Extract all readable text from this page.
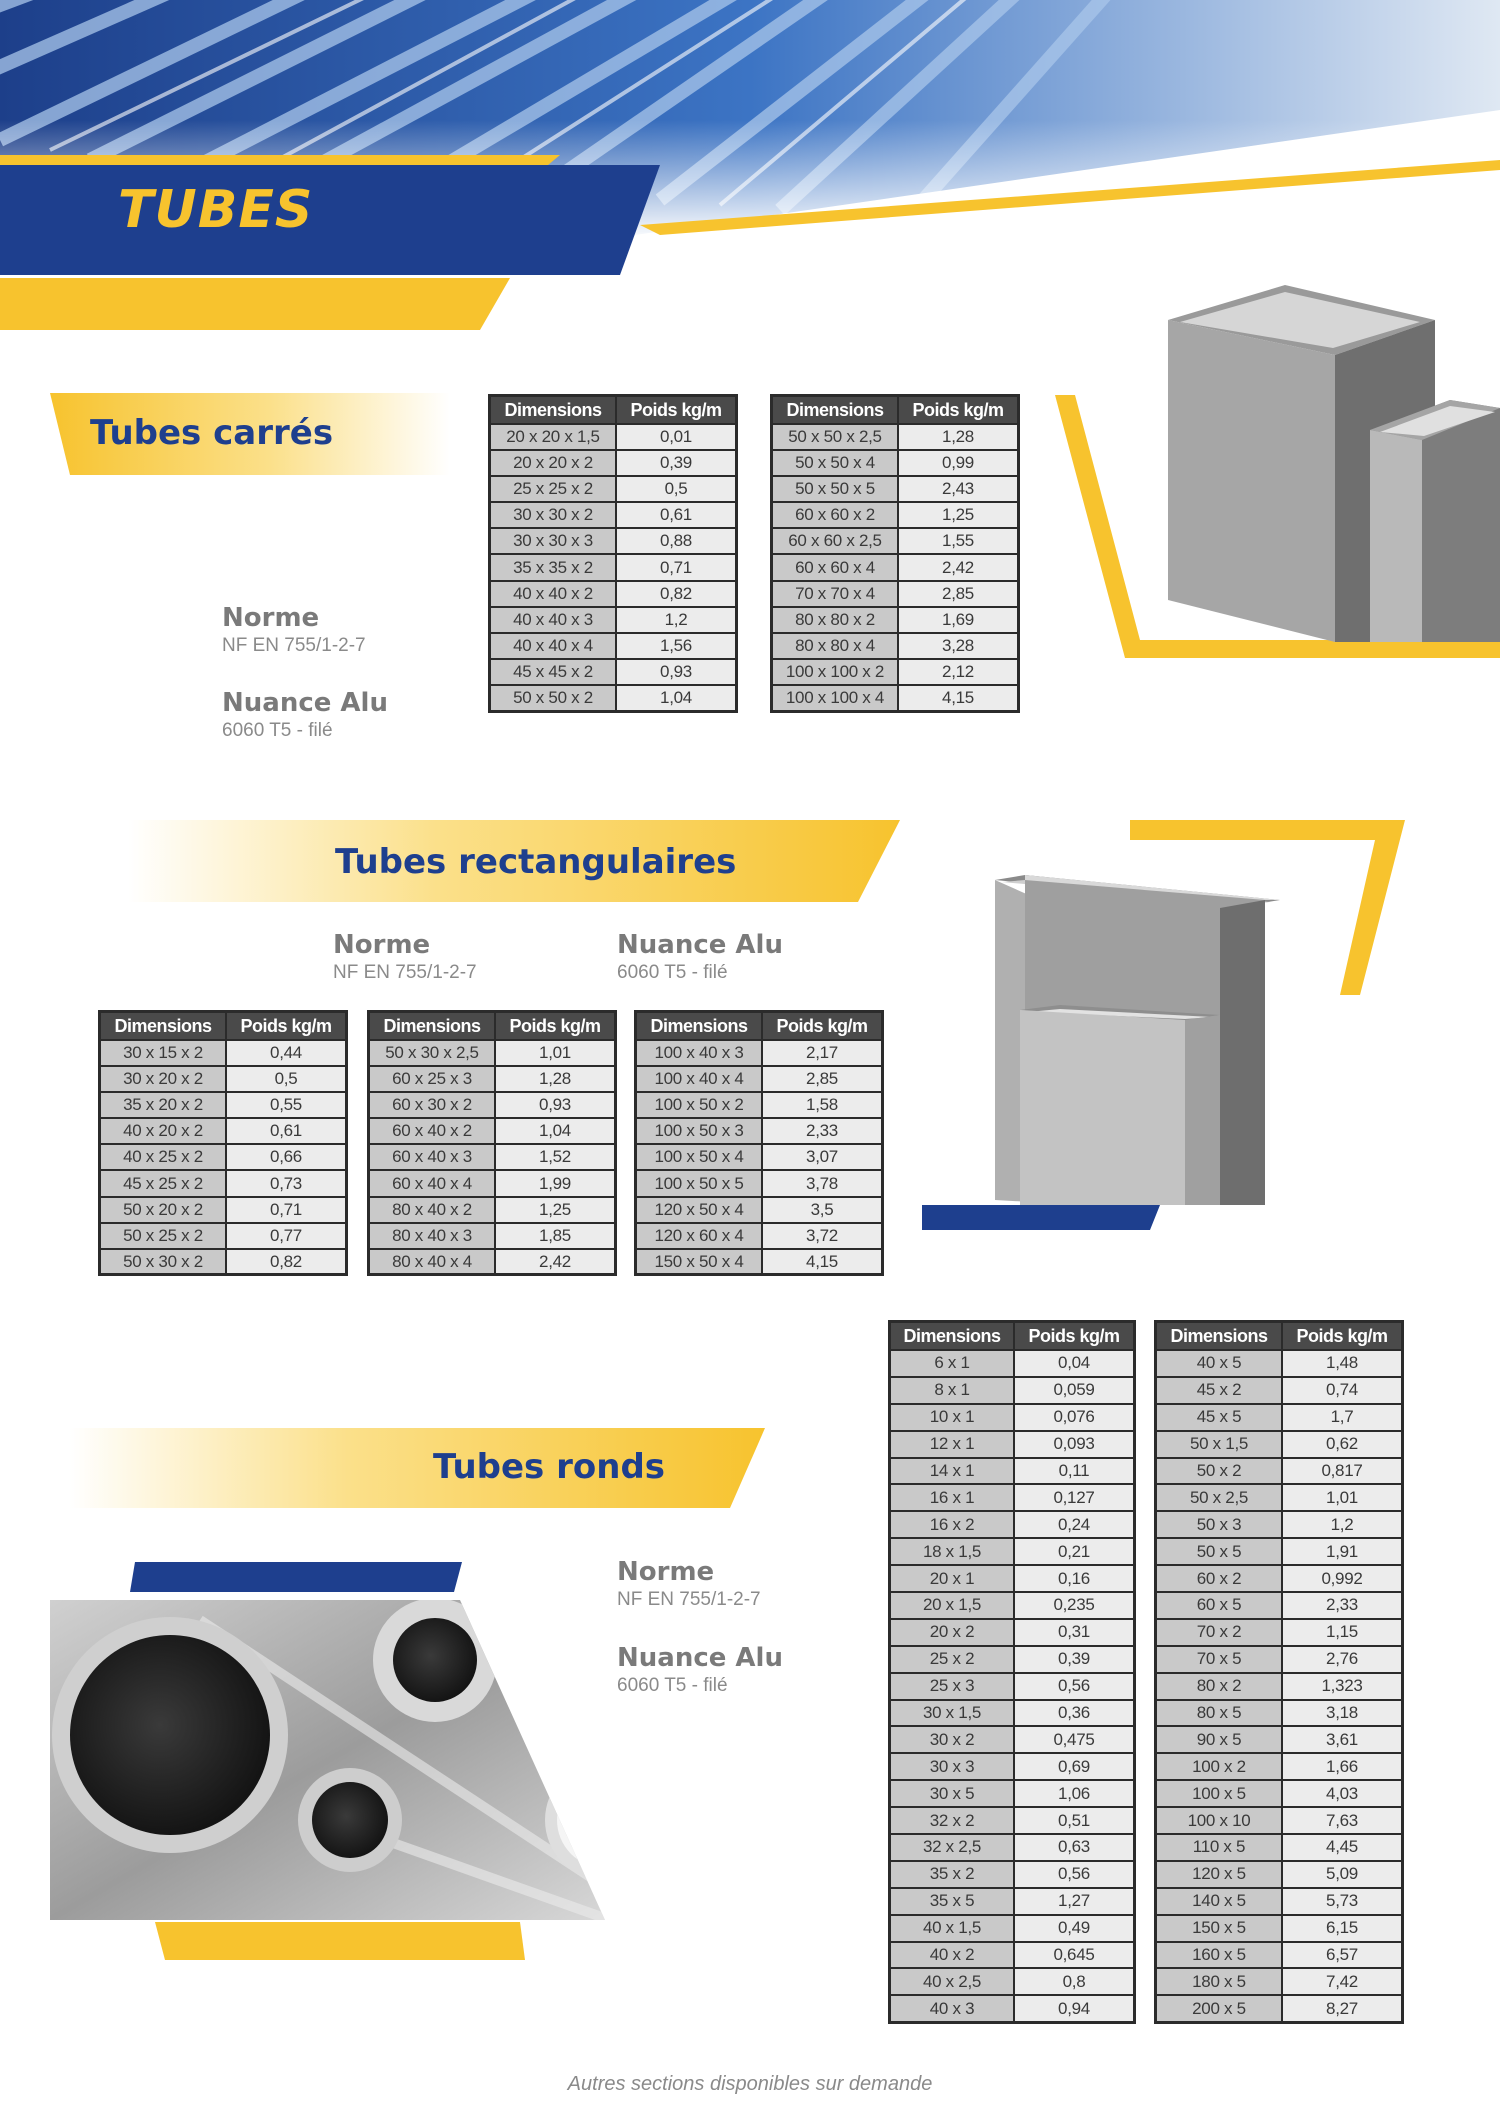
TUBES
Tubes carrés
Norme
NF EN 755/1-2-7
Nuance Alu
6060 T5 - filé
Dimensions	Poids kg/m
20 x 20 x 1,5	0,01
20 x 20 x 2	0,39
25 x 25 x 2	0,5
30 x 30 x 2	0,61
30 x 30 x 3	0,88
35 x 35 x 2	0,71
40 x 40 x 2	0,82
40 x 40 x 3	1,2
40 x 40 x 4	1,56
45 x 45 x 2	0,93
50 x 50 x 2	1,04
Dimensions	Poids kg/m
50 x 50 x 2,5	1,28
50 x 50 x 4	0,99
50 x 50 x 5	2,43
60 x 60 x 2	1,25
60 x 60 x 2,5	1,55
60 x 60 x 4	2,42
70 x 70 x 4	2,85
80 x 80 x 2	1,69
80 x 80 x 4	3,28
100 x 100 x 2	2,12
100 x 100 x 4	4,15
Tubes rectangulaires
Norme
NF EN 755/1-2-7
Nuance Alu
6060 T5 - filé
Dimensions	Poids kg/m
30 x 15 x 2	0,44
30 x 20 x 2	0,5
35 x 20 x 2	0,55
40 x 20 x 2	0,61
40 x 25 x 2	0,66
45 x 25 x 2	0,73
50 x 20 x 2	0,71
50 x 25 x 2	0,77
50 x 30 x 2	0,82
Dimensions	Poids kg/m
50 x 30 x 2,5	1,01
60 x 25 x 3	1,28
60 x 30 x 2	0,93
60 x 40 x 2	1,04
60 x 40 x 3	1,52
60 x 40 x 4	1,99
80 x 40 x 2	1,25
80 x 40 x 3	1,85
80 x 40 x 4	2,42
Dimensions	Poids kg/m
100 x 40 x 3	2,17
100 x 40 x 4	2,85
100 x 50 x 2	1,58
100 x 50 x 3	2,33
100 x 50 x 4	3,07
100 x 50 x 5	3,78
120 x 50 x 4	3,5
120 x 60 x 4	3,72
150 x 50 x 4	4,15
Tubes ronds
Norme
NF EN 755/1-2-7
Nuance Alu
6060 T5 - filé
Dimensions	Poids kg/m
6 x 1	0,04
8 x 1	0,059
10 x 1	0,076
12 x 1	0,093
14 x 1	0,11
16 x 1	0,127
16 x 2	0,24
18 x 1,5	0,21
20 x 1	0,16
20 x 1,5	0,235
20 x 2	0,31
25 x 2	0,39
25 x 3	0,56
30 x 1,5	0,36
30 x 2	0,475
30 x 3	0,69
30 x 5	1,06
32 x 2	0,51
32 x 2,5	0,63
35 x 2	0,56
35 x 5	1,27
40 x 1,5	0,49
40 x 2	0,645
40 x 2,5	0,8
40 x 3	0,94
Dimensions	Poids kg/m
40 x 5	1,48
45 x 2	0,74
45 x 5	1,7
50 x 1,5	0,62
50 x 2	0,817
50 x 2,5	1,01
50 x 3	1,2
50 x 5	1,91
60 x 2	0,992
60 x 5	2,33
70 x 2	1,15
70 x 5	2,76
80 x 2	1,323
80 x 5	3,18
90 x 5	3,61
100 x 2	1,66
100 x 5	4,03
100 x 10	7,63
110 x 5	4,45
120 x 5	5,09
140 x 5	5,73
150 x 5	6,15
160 x 5	6,57
180 x 5	7,42
200 x 5	8,27
Autres sections disponibles sur demande
